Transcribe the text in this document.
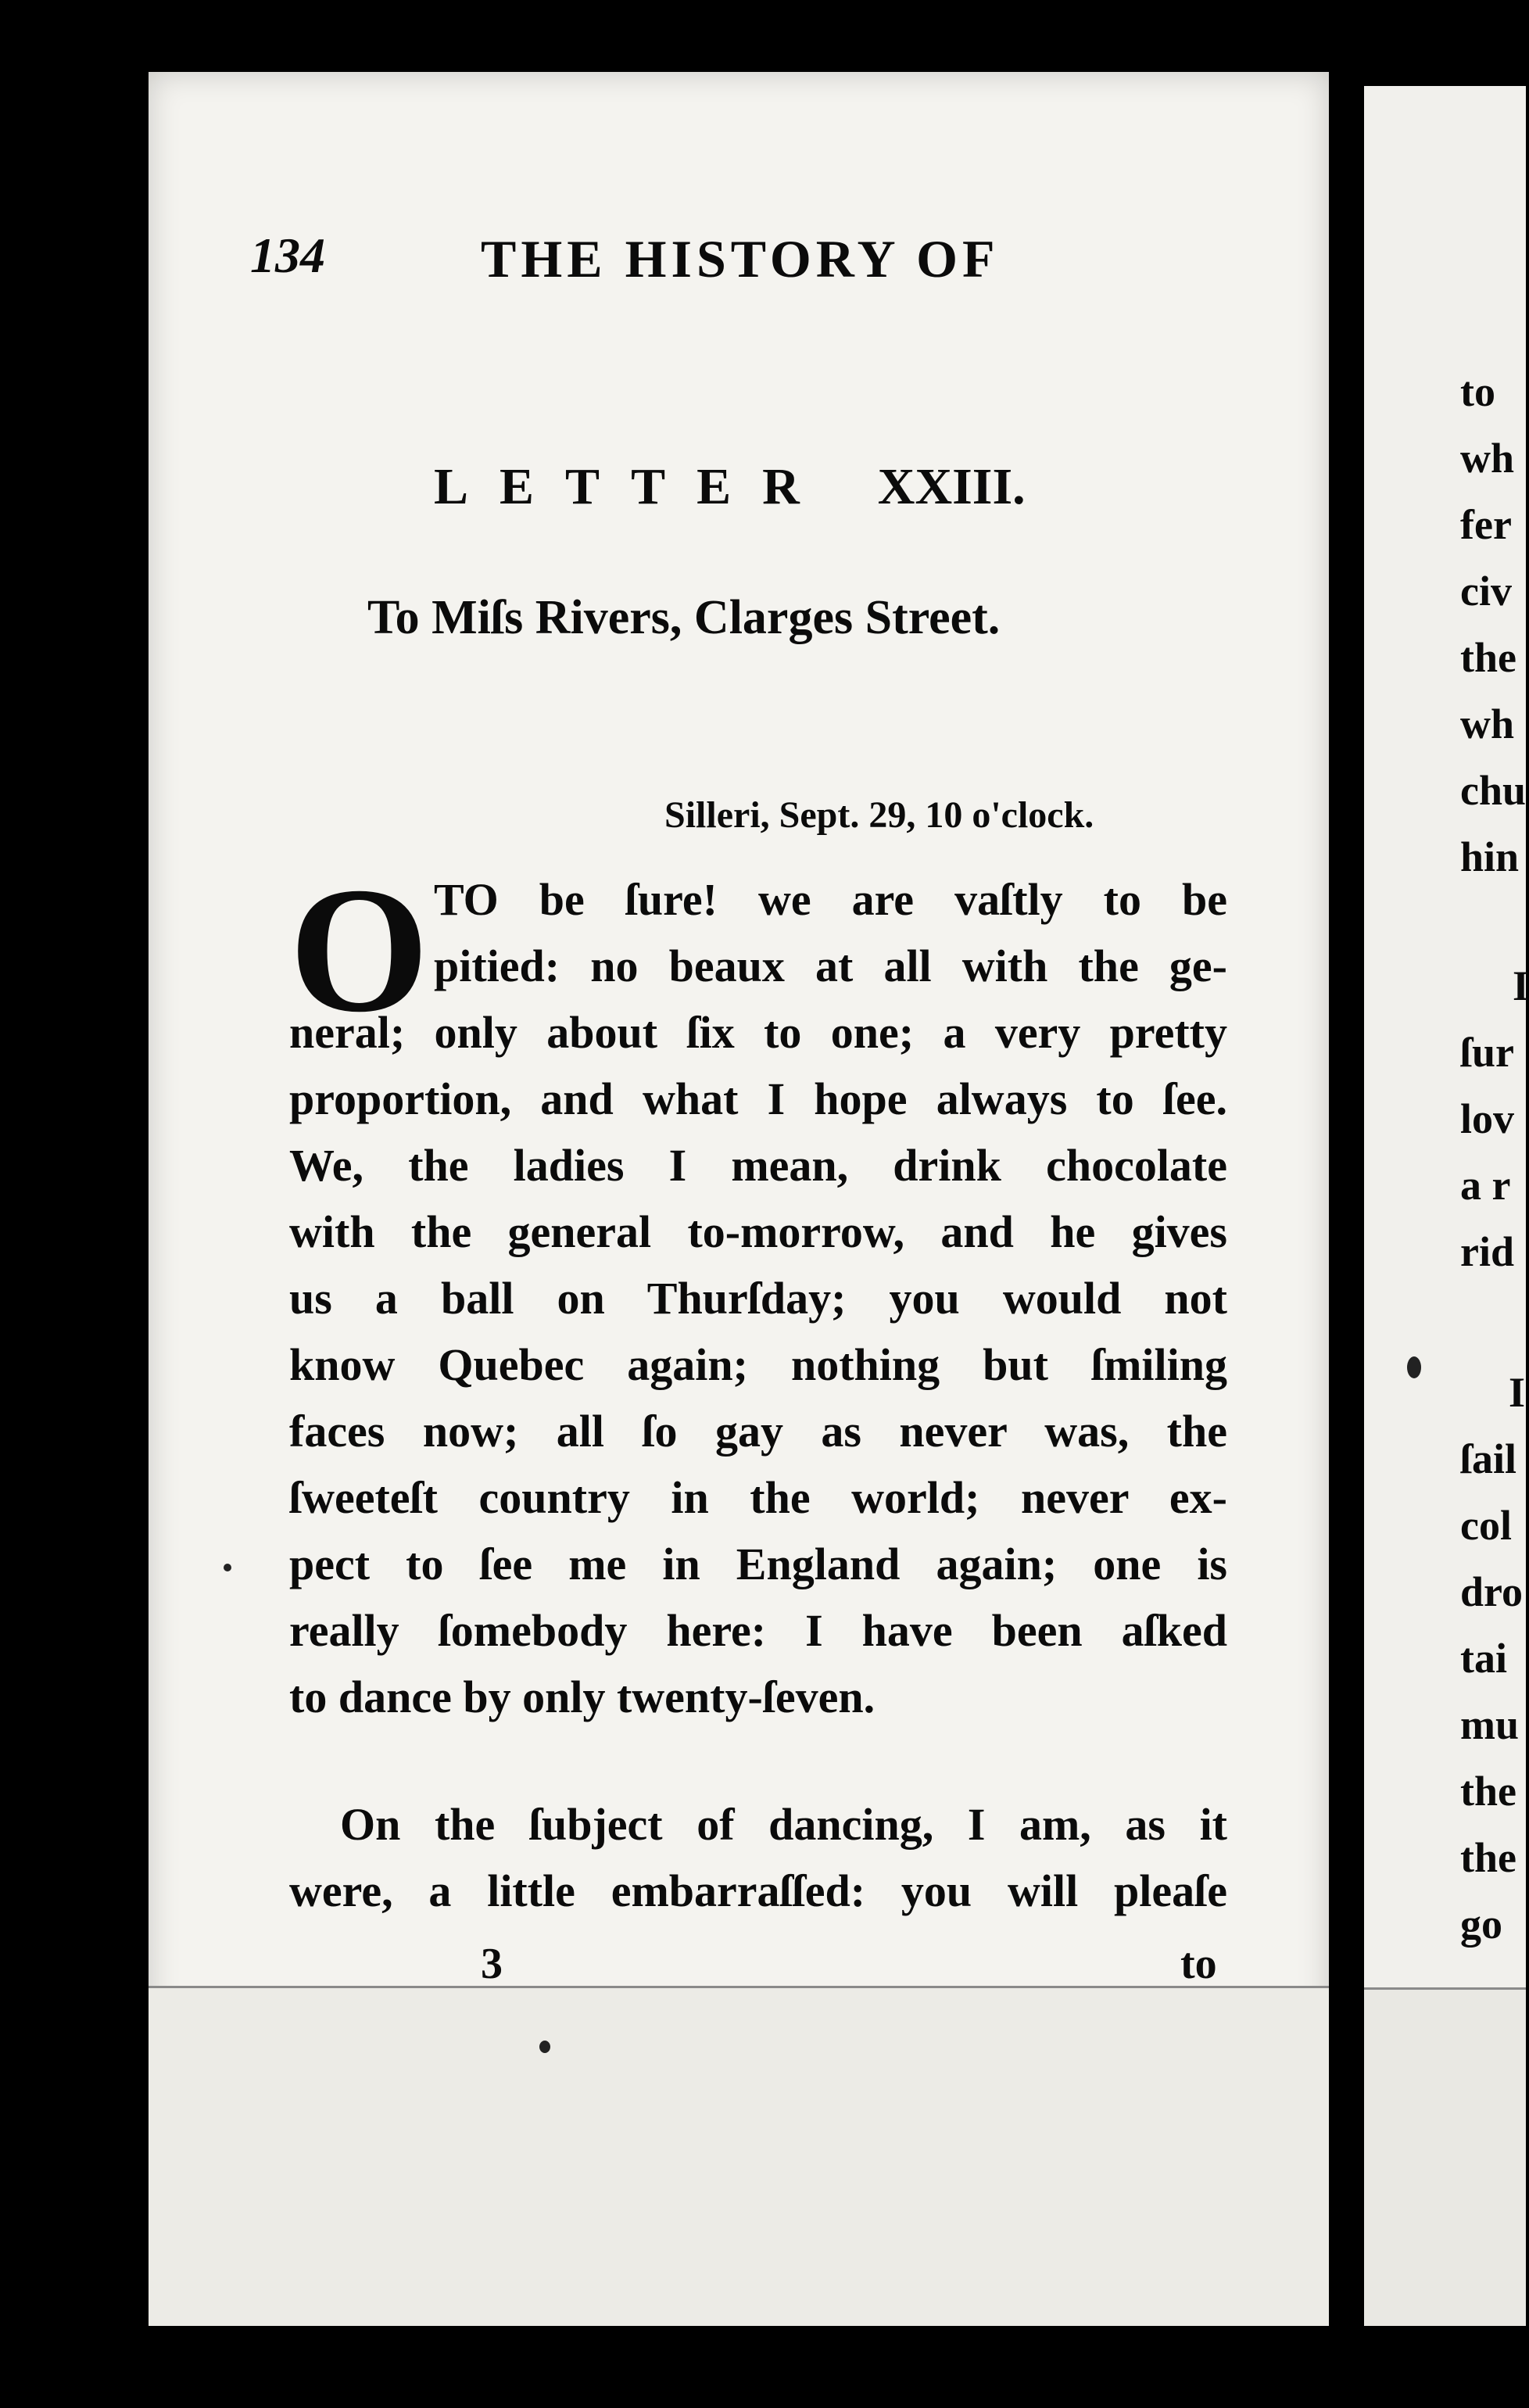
134	THE HISTORY OF
LETTER XXIII.
To Miſs Rivers, Clarges Street.
Silleri, Sept. 29, 10 o'clock.
O TO be ſure! we are vaſtly to be
pitied: no beaux at all with the ge-
neral; only about ſix to one; a very pretty
proportion, and what I hope always to ſee.
We, the ladies I mean, drink chocolate
with the general to-morrow, and he gives
us a ball on Thurſday; you would not
know Quebec again; nothing but ſmiling
faces now; all ſo gay as never was, the
ſweeteſt country in the world; never ex-
pect to ſee me in England again; one is
really ſomebody here: I have been aſked
to dance by only twenty-ſeven.
On the ſubject of dancing, I am, as it
were, a little embarraſſed: you will pleaſe
3	to
to
wh
fer
civ
the
wh
chu
hin
I
ſur
lov
a r
rid
I
ſail
col
dro
tai
mu
the
the
go
